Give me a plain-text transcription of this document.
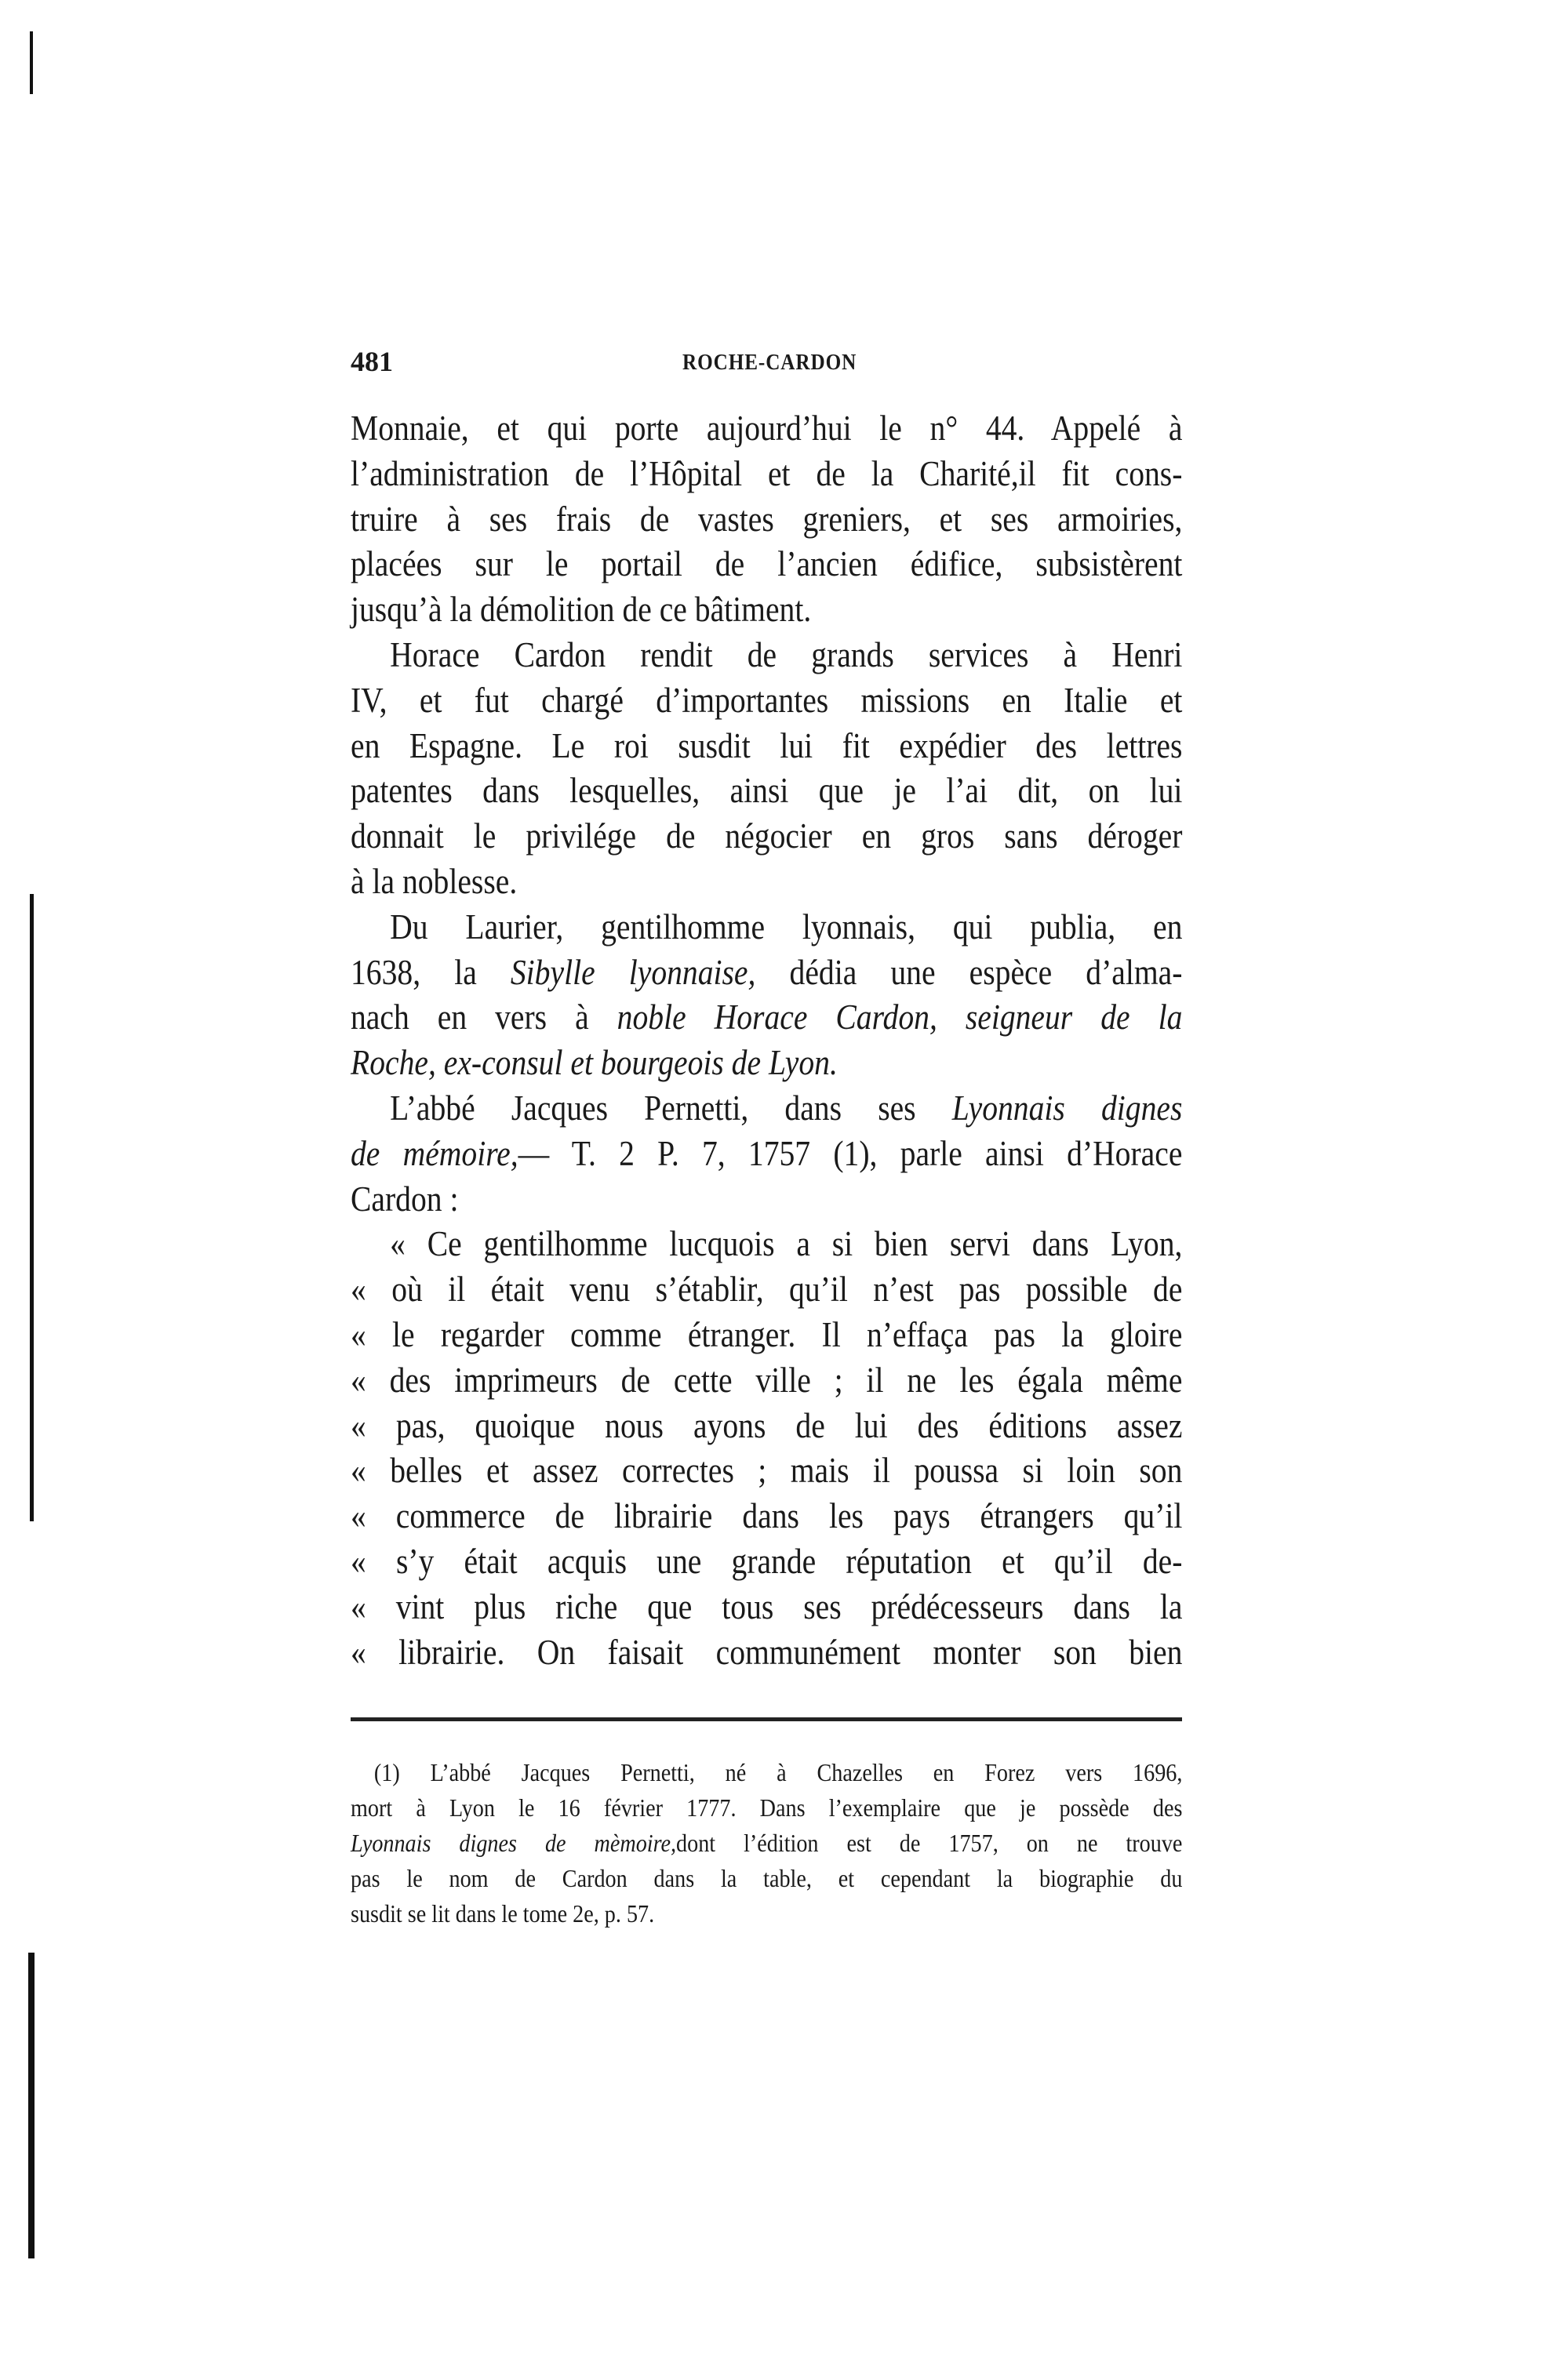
481	ROCHE-CARDON
Monnaie, et qui porte aujourd’hui le n° 44. Appelé à
l’administration de l’Hôpital et de la Charité,il fit cons-
truire à ses frais de vastes greniers, et ses armoiries,
placées sur le portail de l’ancien édifice, subsistèrent
jusqu’à la démolition de ce bâtiment.
Horace Cardon rendit de grands services à Henri
IV, et fut chargé d’importantes missions en Italie et
en Espagne. Le roi susdit lui fit expédier des lettres
patentes dans lesquelles, ainsi que je l’ai dit, on lui
donnait le privilége de négocier en gros sans déroger
à la noblesse.
Du Laurier, gentilhomme lyonnais, qui publia, en
1638, la Sibylle lyonnaise, dédia une espèce d’alma-
nach en vers à noble Horace Cardon, seigneur de la
Roche, ex-consul et bourgeois de Lyon.
L’abbé Jacques Pernetti, dans ses Lyonnais dignes
de mémoire,— T. 2 P. 7, 1757 (1), parle ainsi d’Horace
Cardon :
« Ce gentilhomme lucquois a si bien servi dans Lyon,
« où il était venu s’établir, qu’il n’est pas possible de
« le regarder comme étranger. Il n’effaça pas la gloire
« des imprimeurs de cette ville ; il ne les égala même
« pas, quoique nous ayons de lui des éditions assez
« belles et assez correctes ; mais il poussa si loin son
« commerce de librairie dans les pays étrangers qu’il
« s’y était acquis une grande réputation et qu’il de-
« vint plus riche que tous ses prédécesseurs dans la
« librairie. On faisait communément monter son bien
(1) L’abbé Jacques Pernetti, né à Chazelles en Forez vers 1696,
mort à Lyon le 16 février 1777. Dans l’exemplaire que je possède des
Lyonnais dignes de mèmoire,dont l’édition est de 1757, on ne trouve
pas le nom de Cardon dans la table, et cependant la biographie du
susdit se lit dans le tome 2e, p. 57.
